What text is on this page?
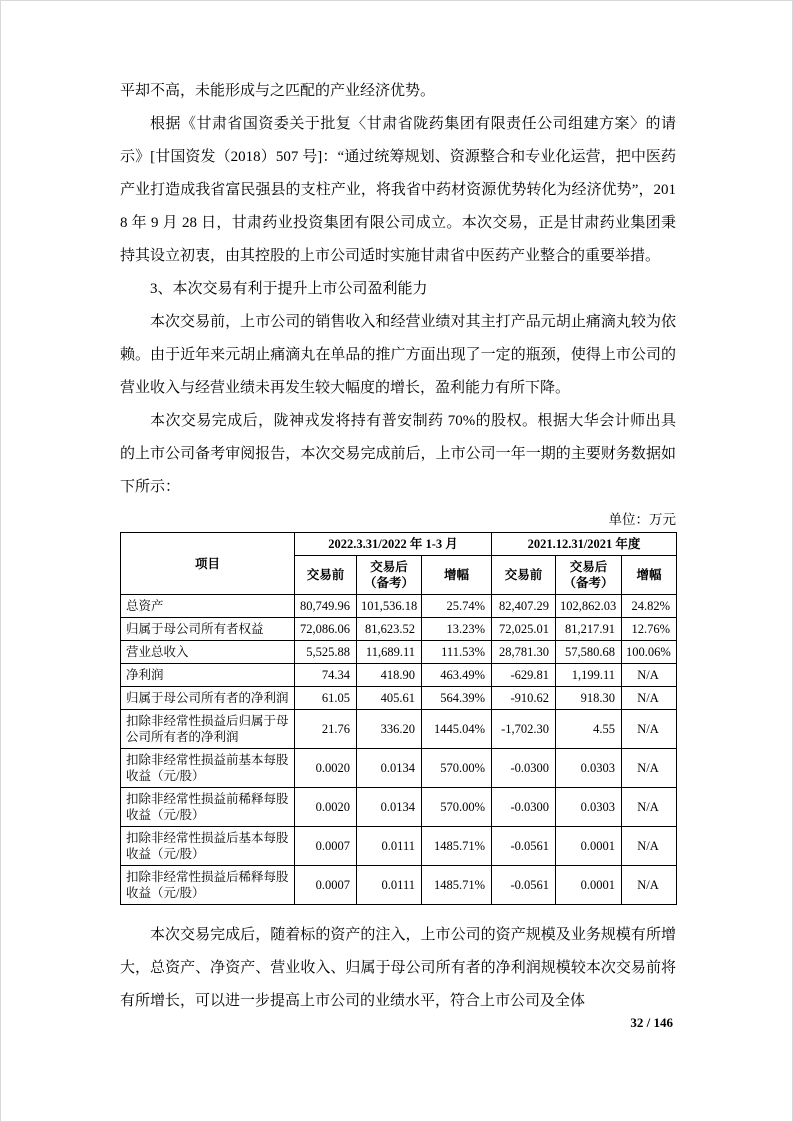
平却不高，未能形成与之匹配的产业经济优势。

根据《甘肃省国资委关于批复〈甘肃省陇药集团有限责任公司组建方案〉的请示》[甘国资发（2018）507 号]：“通过统筹规划、资源整合和专业化运营，把中医药产业打造成我省富民强县的支柱产业，将我省中药材资源优势转化为经济优势”，2018 年 9 月 28 日，甘肃药业投资集团有限公司成立。本次交易，正是甘肃药业集团秉持其设立初衷，由其控股的上市公司适时实施甘肃省中医药产业整合的重要举措。

3、本次交易有利于提升上市公司盈利能力

本次交易前，上市公司的销售收入和经营业绩对其主打产品元胡止痛滴丸较为依赖。由于近年来元胡止痛滴丸在单品的推广方面出现了一定的瓶颈，使得上市公司的营业收入与经营业绩未再发生较大幅度的增长，盈利能力有所下降。

本次交易完成后，陇神戎发将持有普安制药 70%的股权。根据大华会计师出具的上市公司备考审阅报告，本次交易完成前后，上市公司一年一期的主要财务数据如下所示：

单位：万元
项目	2022.3.31/2022 年 1-3 月			2021.12.31/2021 年度		
	交易前	交易后（备考）	增幅	交易前	交易后（备考）	增幅
总资产	80,749.96	101,536.18	25.74%	82,407.29	102,862.03	24.82%
归属于母公司所有者权益	72,086.06	81,623.52	13.23%	72,025.01	81,217.91	12.76%
营业总收入	5,525.88	11,689.11	111.53%	28,781.30	57,580.68	100.06%
净利润	74.34	418.90	463.49%	-629.81	1,199.11	N/A
归属于母公司所有者的净利润	61.05	405.61	564.39%	-910.62	918.30	N/A
扣除非经常性损益后归属于母公司所有者的净利润	21.76	336.20	1445.04%	-1,702.30	4.55	N/A
扣除非经常性损益前基本每股收益（元/股）	0.0020	0.0134	570.00%	-0.0300	0.0303	N/A
扣除非经常性损益前稀释每股收益（元/股）	0.0020	0.0134	570.00%	-0.0300	0.0303	N/A
扣除非经常性损益后基本每股收益（元/股）	0.0007	0.0111	1485.71%	-0.0561	0.0001	N/A
扣除非经常性损益后稀释每股收益（元/股）	0.0007	0.0111	1485.71%	-0.0561	0.0001	N/A

本次交易完成后，随着标的资产的注入，上市公司的资产规模及业务规模有所增大，总资产、净资产、营业收入、归属于母公司所有者的净利润规模较本次交易前将有所增长，可以进一步提高上市公司的业绩水平，符合上市公司及全体

32 / 146
